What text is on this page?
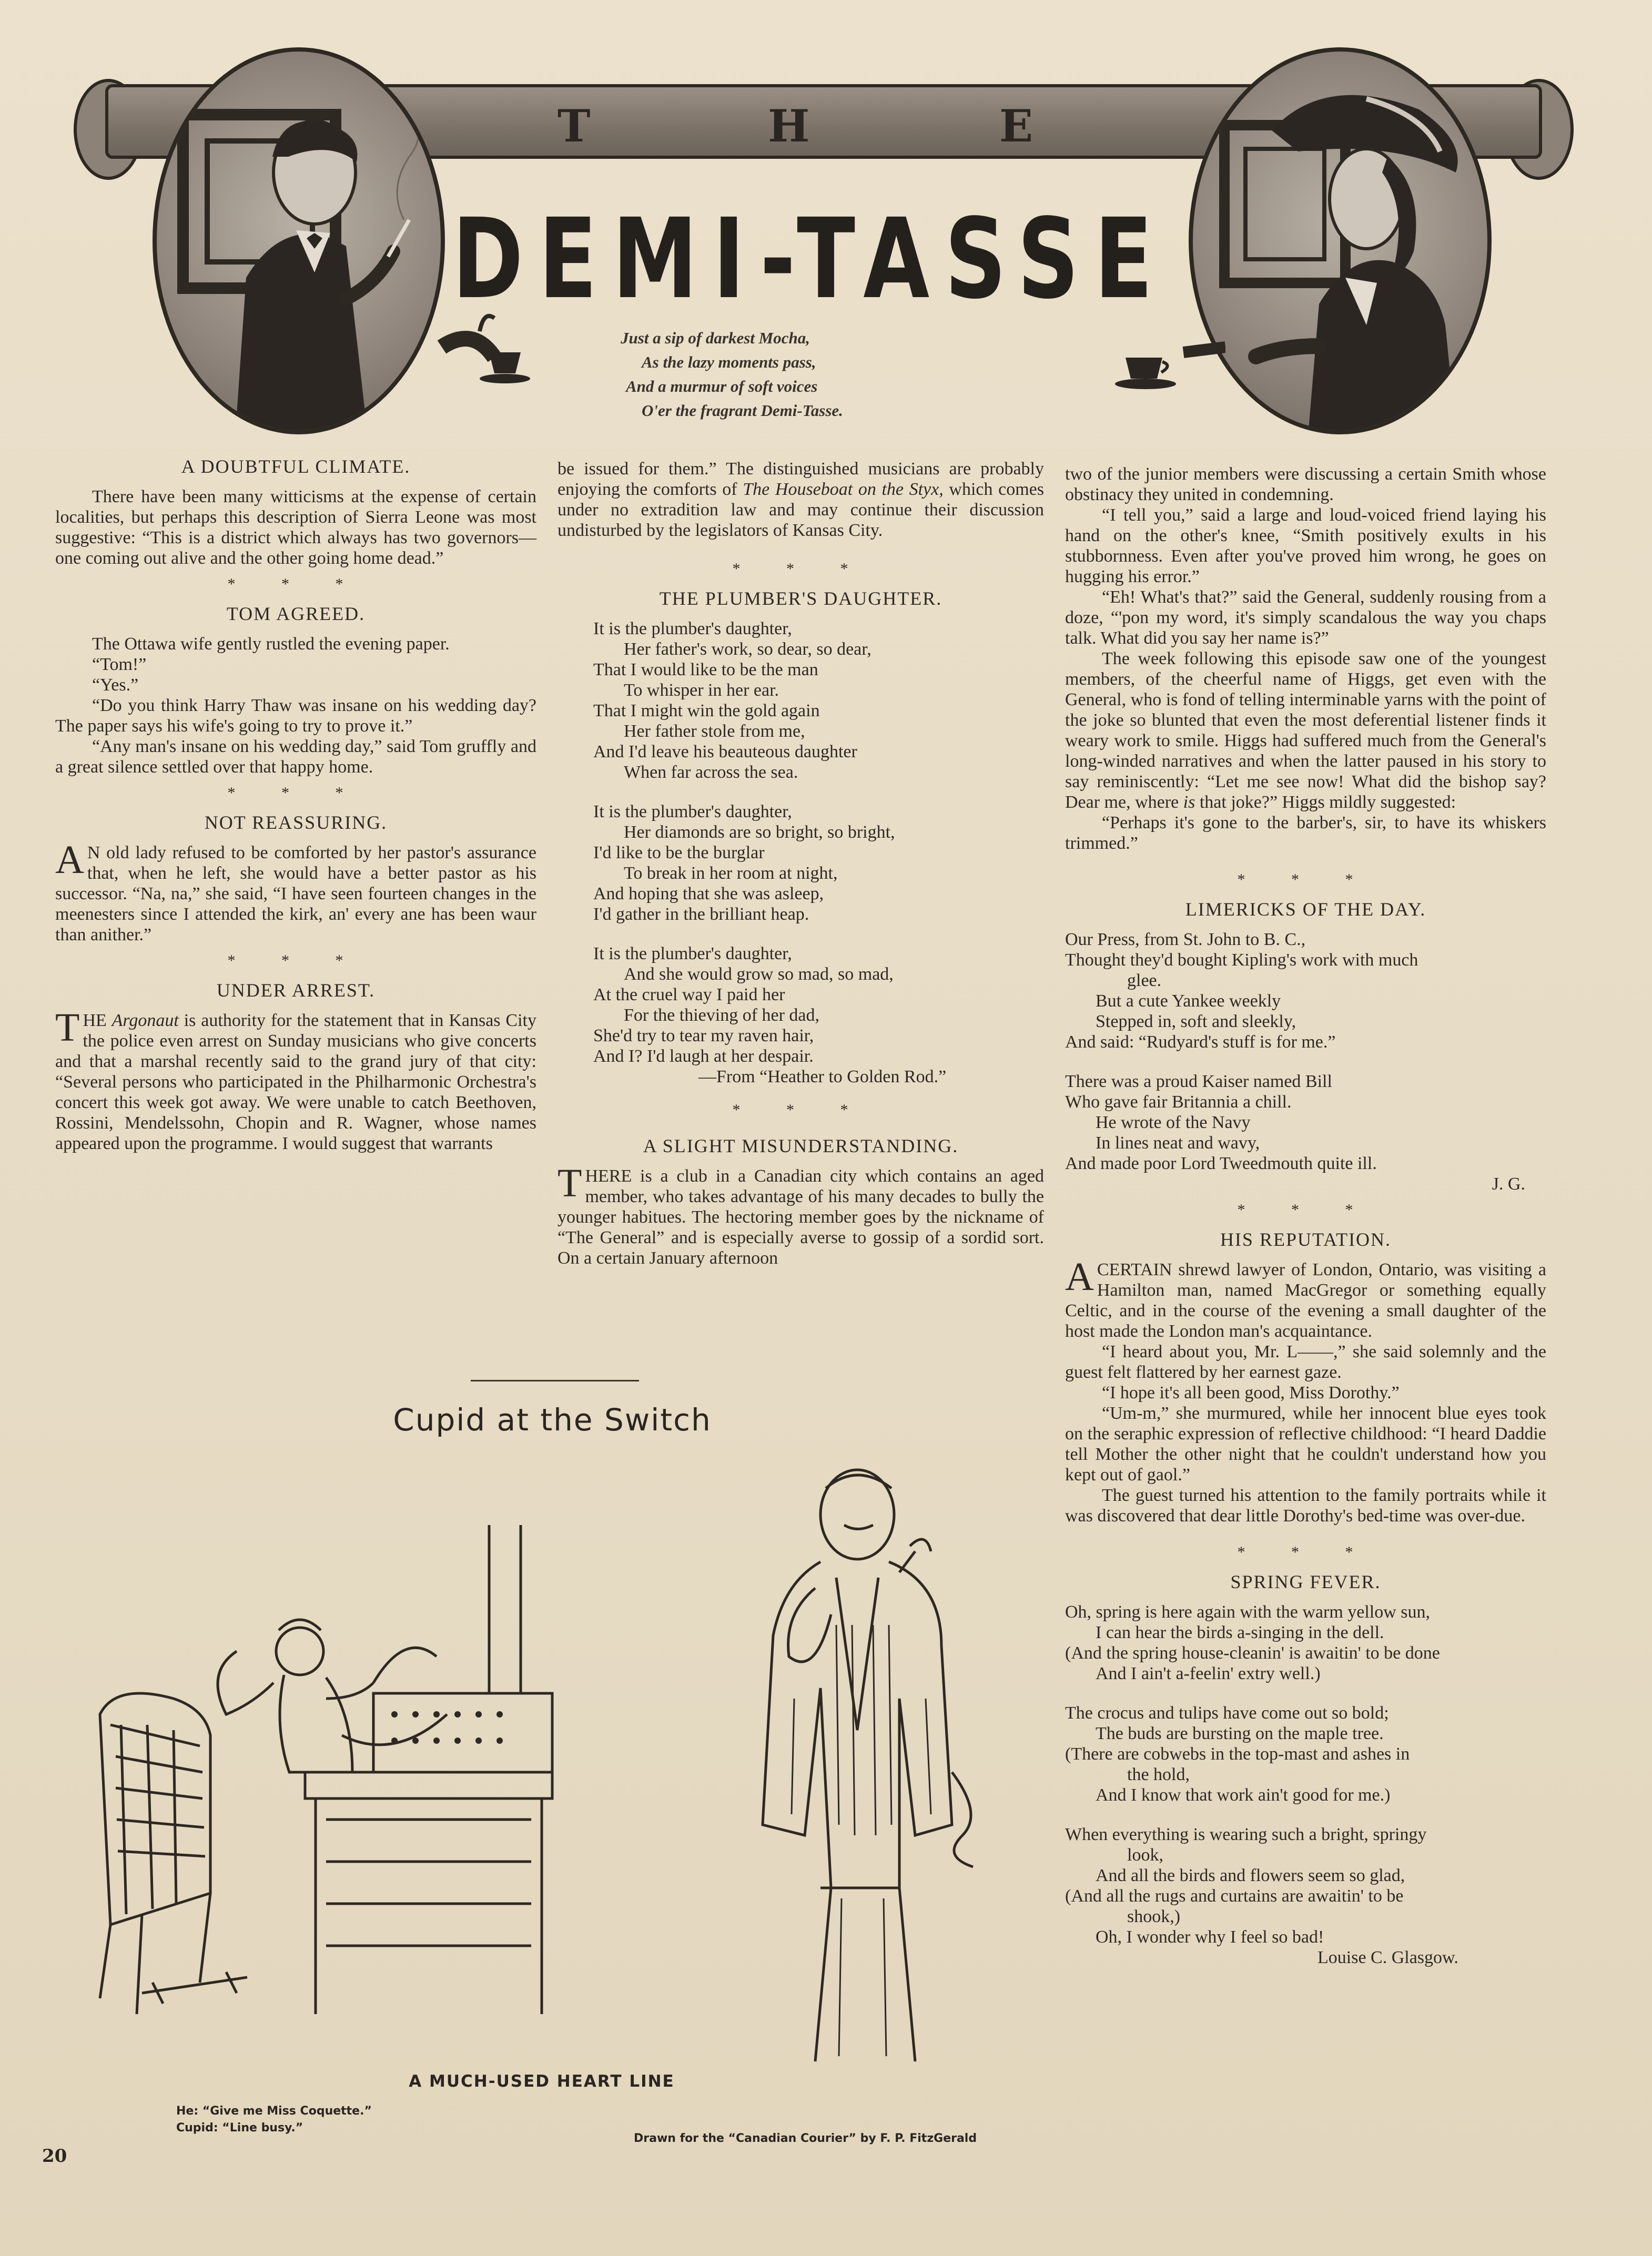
T	H	E
DEMI-TASSE
Just a sip of darkest Mocha,
As the lazy moments pass,
And a murmur of soft voices
O'er the fragrant Demi-Tasse.
A DOUBTFUL CLIMATE.

There have been many witticisms at the expense of certain localities, but perhaps this description of Sierra Leone was most suggestive: “This is a district which always has two governors—one coming out alive and the other going home dead.”

* * *
TOM AGREED.

The Ottawa wife gently rustled the evening paper.

“Tom!”

“Yes.”

“Do you think Harry Thaw was insane on his wedding day? The paper says his wife's going to try to prove it.”

“Any man's insane on his wedding day,” said Tom gruffly and a great silence settled over that happy home.

* * *
NOT REASSURING.

A N old lady refused to be comforted by her pastor's assurance that, when he left, she would have a better pastor as his successor. “Na, na,” she said, “I have seen fourteen changes in the meenesters since I attended the kirk, an' every ane has been waur than anither.”

* * *
UNDER ARREST.

THE Argonaut is authority for the statement that in Kansas City the police even arrest on Sunday musicians who give concerts and that a marshal recently said to the grand jury of that city: “Several persons who participated in the Philharmonic Orchestra's concert this week got away. We were unable to catch Beethoven, Rossini, Mendelssohn, Chopin and R. Wagner, whose names appeared upon the programme. I would suggest that warrants

be issued for them.” The distinguished musicians are probably enjoying the comforts of The Houseboat on the Styx, which comes under no extradition law and may continue their discussion undisturbed by the legislators of Kansas City.

* * *
THE PLUMBER'S DAUGHTER.
It is the plumber's daughter,
Her father's work, so dear, so dear,
That I would like to be the man
To whisper in her ear.
That I might win the gold again
Her father stole from me,
And I'd leave his beauteous daughter
When far across the sea.
It is the plumber's daughter,
Her diamonds are so bright, so bright,
I'd like to be the burglar
To break in her room at night,
And hoping that she was asleep,
I'd gather in the brilliant heap.
It is the plumber's daughter,
And she would grow so mad, so mad,
At the cruel way I paid her
For the thieving of her dad,
She'd try to tear my raven hair,
And I? I'd laugh at her despair.
—From “Heather to Golden Rod.”
* * *
A SLIGHT MISUNDERSTANDING.

THERE is a club in a Canadian city which contains an aged member, who takes advantage of his many decades to bully the younger habitues. The hectoring member goes by the nickname of “The General” and is especially averse to gossip of a sordid sort. On a certain January afternoon

two of the junior members were discussing a certain Smith whose obstinacy they united in condemning.

“I tell you,” said a large and loud-voiced friend laying his hand on the other's knee, “Smith positively exults in his stubbornness. Even after you've proved him wrong, he goes on hugging his error.”

“Eh! What's that?” said the General, suddenly rousing from a doze, “'pon my word, it's simply scandalous the way you chaps talk. What did you say her name is?”

The week following this episode saw one of the youngest members, of the cheerful name of Higgs, get even with the General, who is fond of telling interminable yarns with the point of the joke so blunted that even the most deferential listener finds it weary work to smile. Higgs had suffered much from the General's long-winded narratives and when the latter paused in his story to say reminiscently: “Let me see now! What did the bishop say? Dear me, where is that joke?” Higgs mildly suggested:

“Perhaps it's gone to the barber's, sir, to have its whiskers trimmed.”

* * *
LIMERICKS OF THE DAY.
Our Press, from St. John to B. C.,
Thought they'd bought Kipling's work with much
glee.
But a cute Yankee weekly
Stepped in, soft and sleekly,
And said: “Rudyard's stuff is for me.”
There was a proud Kaiser named Bill
Who gave fair Britannia a chill.
He wrote of the Navy
In lines neat and wavy,
And made poor Lord Tweedmouth quite ill.
J. G.
* * *
HIS REPUTATION.

ACERTAIN shrewd lawyer of London, Ontario, was visiting a Hamilton man, named MacGregor or something equally Celtic, and in the course of the evening a small daughter of the host made the London man's acquaintance.

“I heard about you, Mr. L——,” she said solemnly and the guest felt flattered by her earnest gaze.

“I hope it's all been good, Miss Dorothy.”

“Um-m,” she murmured, while her innocent blue eyes took on the seraphic expression of reflective childhood: “I heard Daddie tell Mother the other night that he couldn't understand how you kept out of gaol.”

The guest turned his attention to the family portraits while it was discovered that dear little Dorothy's bed-time was over-due.

* * *
SPRING FEVER.
Oh, spring is here again with the warm yellow sun,
I can hear the birds a-singing in the dell.
(And the spring house-cleanin' is awaitin' to be done
And I ain't a-feelin' extry well.)
The crocus and tulips have come out so bold;
The buds are bursting on the maple tree.
(There are cobwebs in the top-mast and ashes in
the hold,
And I know that work ain't good for me.)
When everything is wearing such a bright, springy
look,
And all the birds and flowers seem so glad,
(And all the rugs and curtains are awaitin' to be
shook,)
Oh, I wonder why I feel so bad!
Louise C. Glasgow.
Cupid at the Switch
A MUCH-USED HEART LINE
He: “Give me Miss Coquette.”
Cupid: “Line busy.”
Drawn for the “Canadian Courier” by F. P. FitzGerald
20
